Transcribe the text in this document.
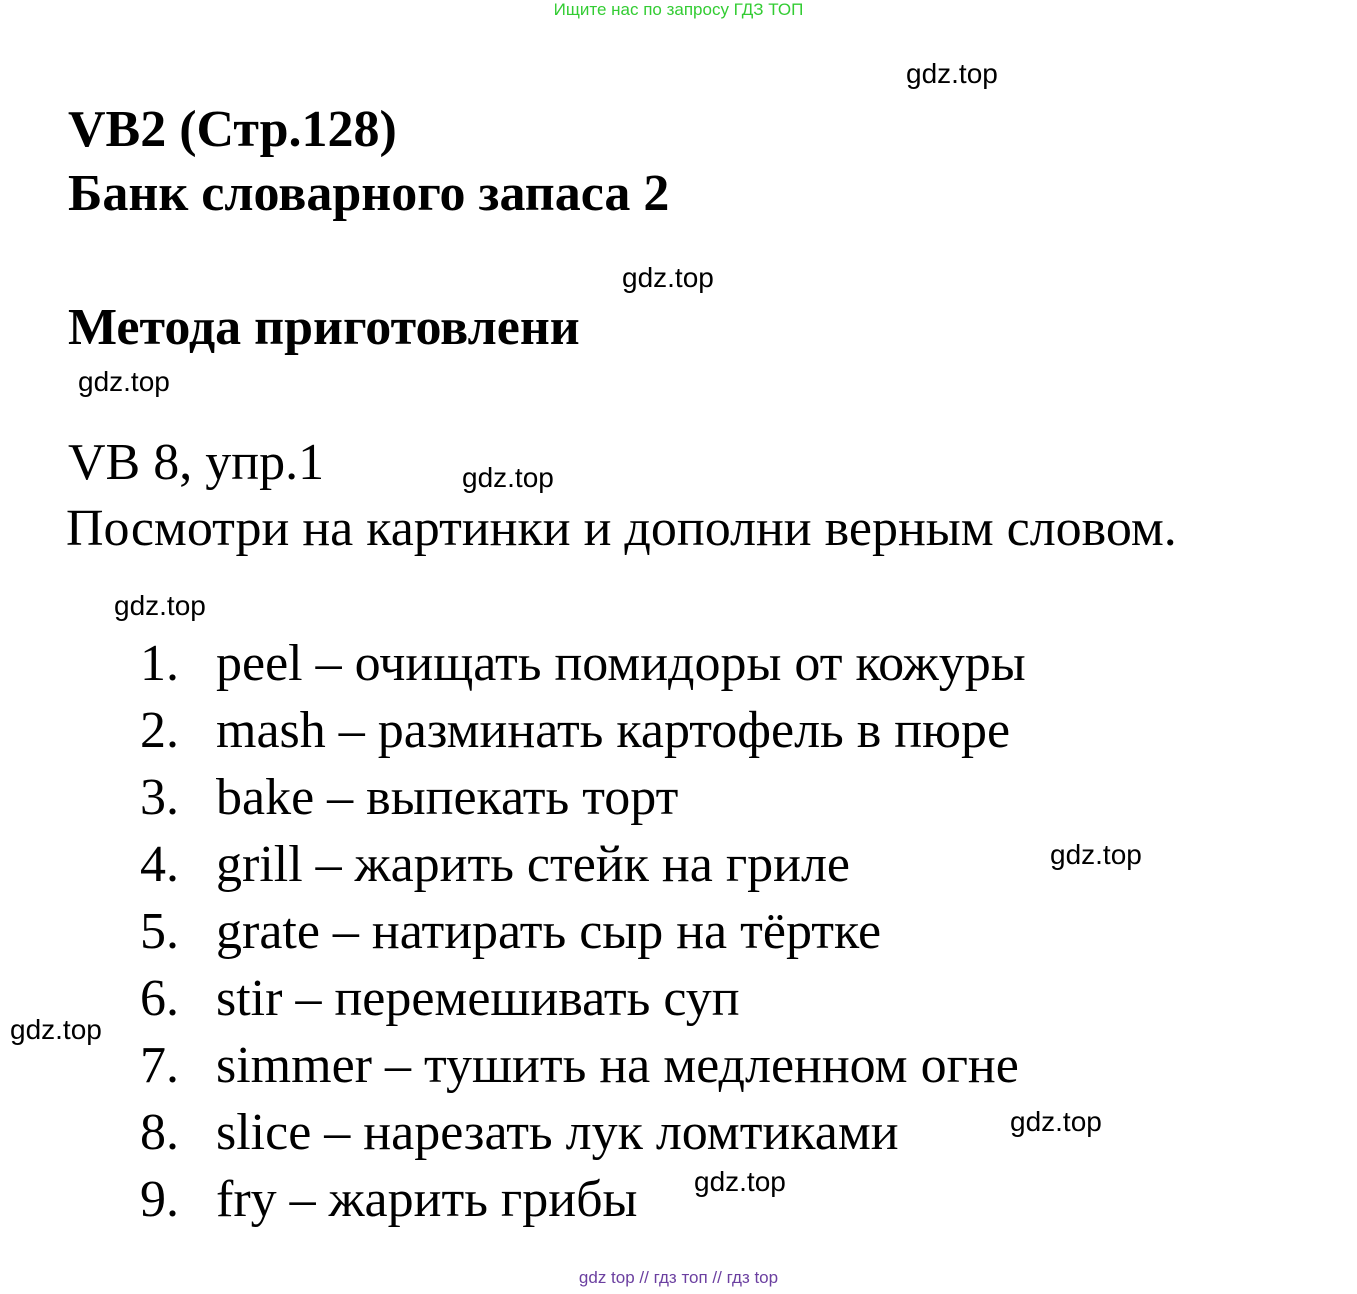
Ищите нас по запросу ГДЗ ТОП
VB2 (Стр.128)
Банк словарного запаса 2
Метода приготовлени
VB 8, упр.1
Посмотри на картинки и дополни верным словом.
1. peel – очищать помидоры от кожуры
2. mash – разминать картофель в пюре
3. bake – выпекать торт
4. grill – жарить стейк на гриле
5. grate – натирать сыр на тёртке
6. stir – перемешивать суп
7. simmer – тушить на медленном огне
8. slice – нарезать лук ломтиками
9. fry – жарить грибы
gdz.top
gdz.top
gdz.top
gdz.top
gdz.top
gdz.top
gdz.top
gdz.top
gdz.top
gdz top // гдз топ // гдз top
